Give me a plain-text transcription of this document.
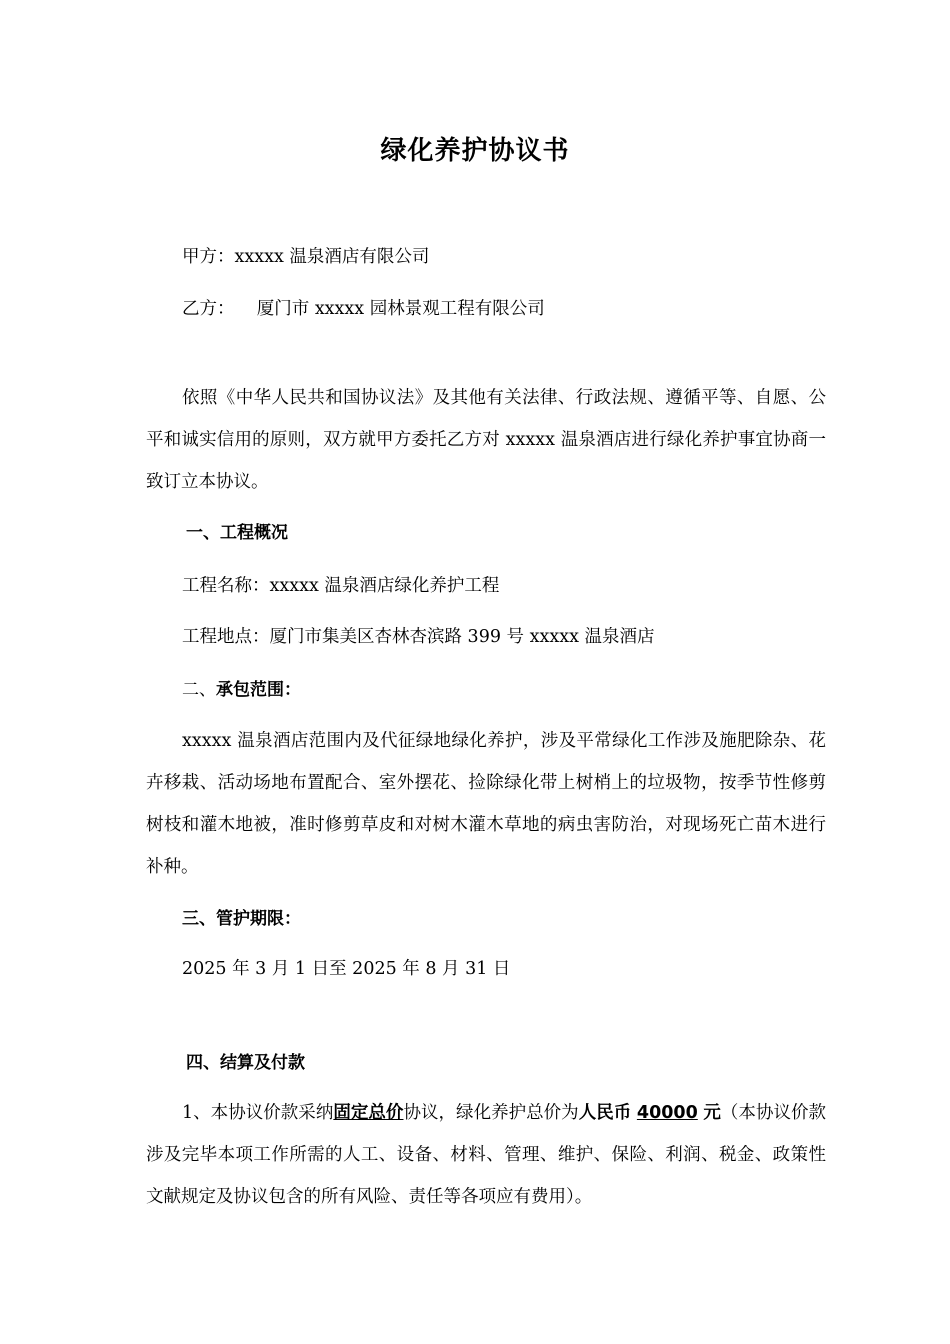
绿化养护协议书
甲方：xxxxx 温泉酒店有限公司
乙方：    厦门市 xxxxx 园林景观工程有限公司
依照《中华人民共和国协议法》及其他有关法律、行政法规、遵循平等、自愿、公平和诚实信用的原则，双方就甲方委托乙方对 xxxxx 温泉酒店进行绿化养护事宜协商一致订立本协议。
一、工程概况
工程名称：xxxxx 温泉酒店绿化养护工程
工程地点：厦门市集美区杏林杏滨路 399 号 xxxxx 温泉酒店
二、承包范围：
xxxxx 温泉酒店范围内及代征绿地绿化养护，涉及平常绿化工作涉及施肥除杂、花卉移栽、活动场地布置配合、室外摆花、捡除绿化带上树梢上的垃圾物，按季节性修剪树枝和灌木地被，准时修剪草皮和对树木灌木草地的病虫害防治，对现场死亡苗木进行补种。
三、管护期限：
2025 年 3 月 1 日至 2025 年 8 月 31 日
四、结算及付款
1、本协议价款采纳固定总价协议，绿化养护总价为人民币 40000 元（本协议价款涉及完毕本项工作所需的人工、设备、材料、管理、维护、保险、利润、税金、政策性文献规定及协议包含的所有风险、责任等各项应有费用）。
